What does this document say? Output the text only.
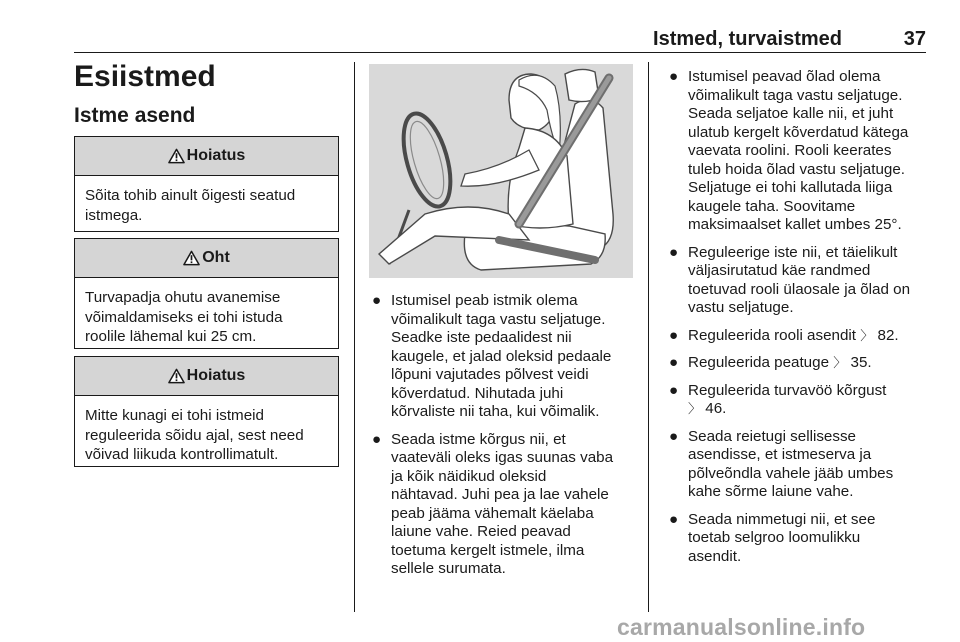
Istmed, turvaistmed	37
Esiistmed
Istme asend
Hoiatus
Sõita tohib ainult õigesti seatud
istmega.
Oht
Turvapadja ohutu avanemise
võimaldamiseks ei tohi istuda
roolile lähemal kui 25 cm.
Hoiatus
Mitte kunagi ei tohi istmeid
reguleerida sõidu ajal, sest need
võivad liikuda kontrollimatult.
● Istumisel peab istmik olema
võimalikult taga vastu seljatuge.
Seadke iste pedaalidest nii
kaugele, et jalad oleksid pedaale
lõpuni vajutades põlvest veidi
kõverdatud. Nihutada juhi
kõrvaliste nii taha, kui võimalik.
● Seada istme kõrgus nii, et
vaateväli oleks igas suunas vaba
ja kõik näidikud oleksid
nähtavad. Juhi pea ja lae vahele
peab jääma vähemalt käelaba
laiune vahe. Reied peavad
toetuma kergelt istmele, ilma
sellele surumata.
● Istumisel peavad õlad olema
võimalikult taga vastu seljatuge.
Seada seljatoe kalle nii, et juht
ulatub kergelt kõverdatud kätega
vaevata roolini. Rooli keerates
tuleb hoida õlad vastu seljatuge.
Seljatuge ei tohi kallutada liiga
kaugele taha. Soovitame
maksimaalset kallet umbes 25°.
● Reguleerige iste nii, et täielikult
väljasirutatud käe randmed
toetuvad rooli ülaosale ja õlad on
vastu seljatuge.
● Reguleerida rooli asendit 〉 82.
● Reguleerida peatuge 〉 35.
● Reguleerida turvavöö kõrgust
〉 46.
● Seada reietugi sellisesse
asendisse, et istmeserva ja
põlveõndla vahele jääb umbes
kahe sõrme laiune vahe.
● Seada nimmetugi nii, et see
toetab selgroo loomulikku
asendit.
carmanualsonline.info
